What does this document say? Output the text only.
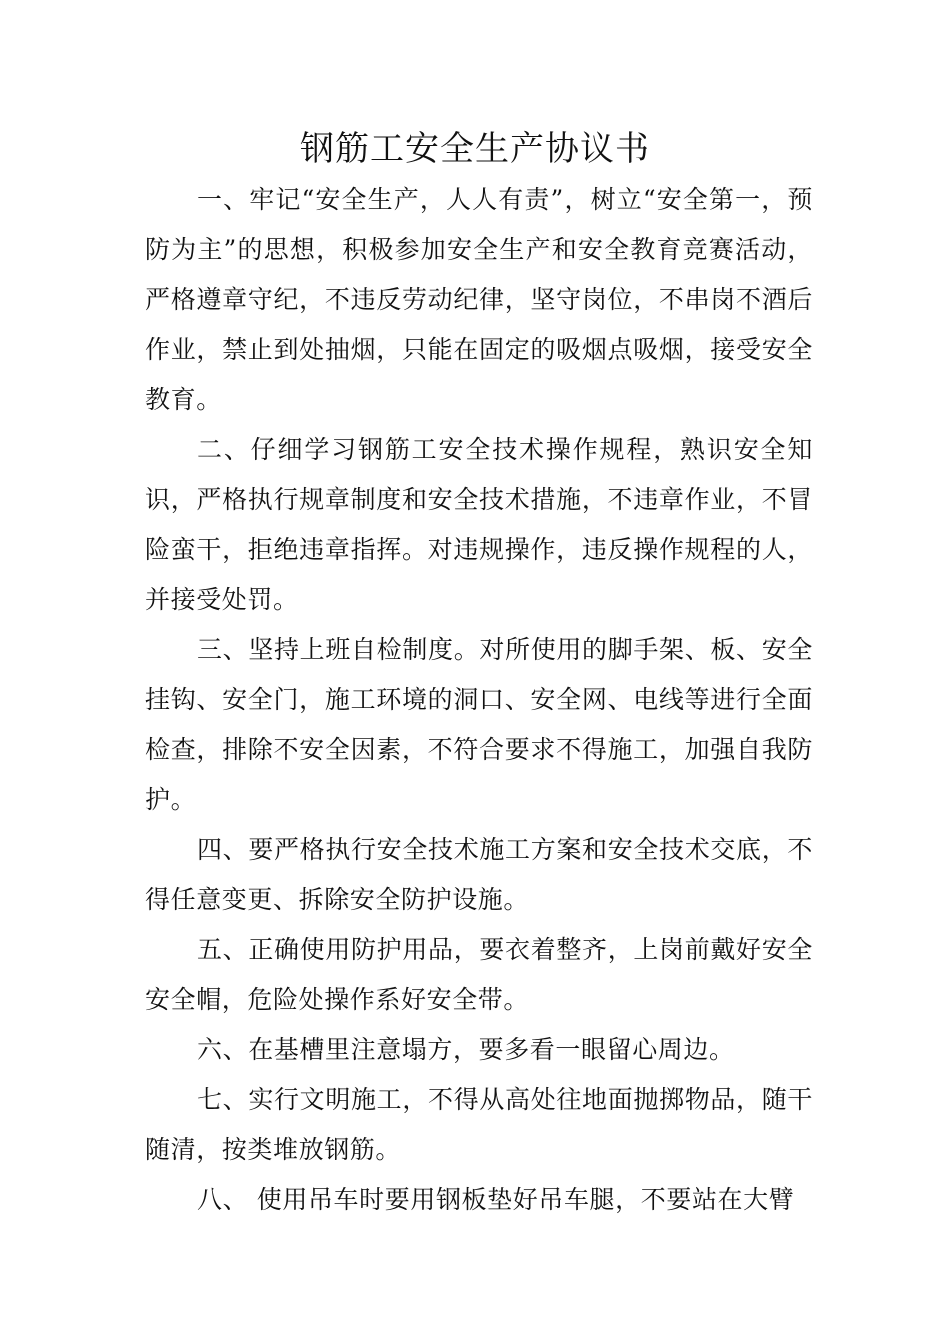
钢筋工安全生产协议书

一、牢记“安全生产，人人有责”，树立“安全第一，预防为主”的思想，积极参加安全生产和安全教育竞赛活动，严格遵章守纪，不违反劳动纪律，坚守岗位，不串岗不酒后作业，禁止到处抽烟，只能在固定的吸烟点吸烟，接受安全教育。

二、仔细学习钢筋工安全技术操作规程，熟识安全知识，严格执行规章制度和安全技术措施，不违章作业，不冒险蛮干，拒绝违章指挥。对违规操作，违反操作规程的人，并接受处罚。

三、坚持上班自检制度。对所使用的脚手架、板、安全挂钩、安全门，施工环境的洞口、安全网、电线等进行全面检查，排除不安全因素，不符合要求不得施工，加强自我防护。

四、要严格执行安全技术施工方案和安全技术交底，不得任意变更、拆除安全防护设施。

五、正确使用防护用品，要衣着整齐，上岗前戴好安全安全帽，危险处操作系好安全带。

六、在基槽里注意塌方，要多看一眼留心周边。

七、实行文明施工，不得从高处往地面抛掷物品，随干随清，按类堆放钢筋。

八、 使用吊车时要用钢板垫好吊车腿，不要站在大臂
